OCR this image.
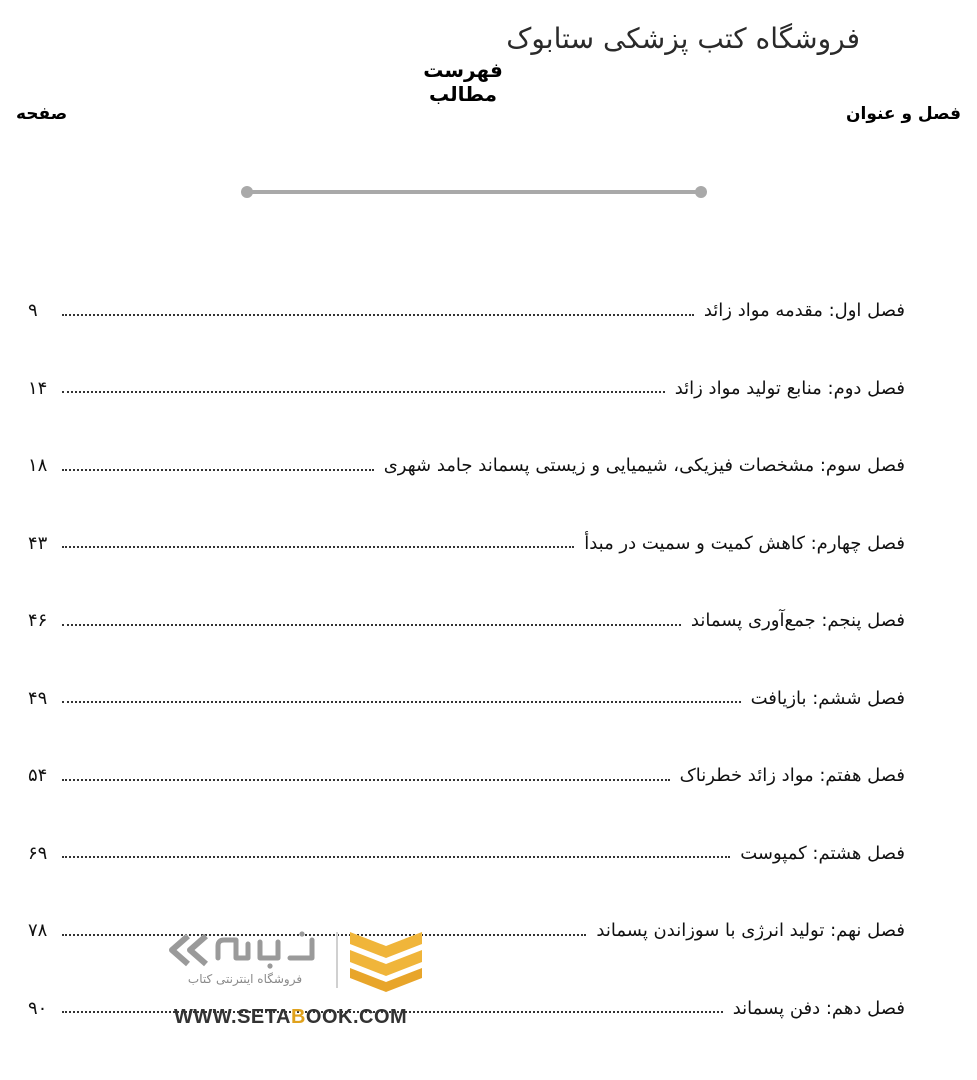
فروشگاه کتب پزشکی ستابوک
فهرست مطالب
فصل و عنوان
صفحه
فصل اول: مقدمه مواد زائد
۹
فصل دوم: منابع تولید مواد زائد
۱۴
فصل سوم: مشخصات فیزیکی، شیمیایی و زیستی پسماند جامد شهری
۱۸
فصل چهارم: کاهش کمیت و سمیت در مبدأ
۴۳
فصل پنجم: جمع‌آوری پسماند
۴۶
فصل ششم: بازیافت
۴۹
فصل هفتم: مواد زائد خطرناک
۵۴
فصل هشتم: کمپوست
۶۹
فصل نهم: تولید انرژی با سوزاندن پسماند
۷۸
فصل دهم: دفن پسماند
۹۰
فروشگاه اینترنتی کتاب
WWW.SETABOOK.COM
